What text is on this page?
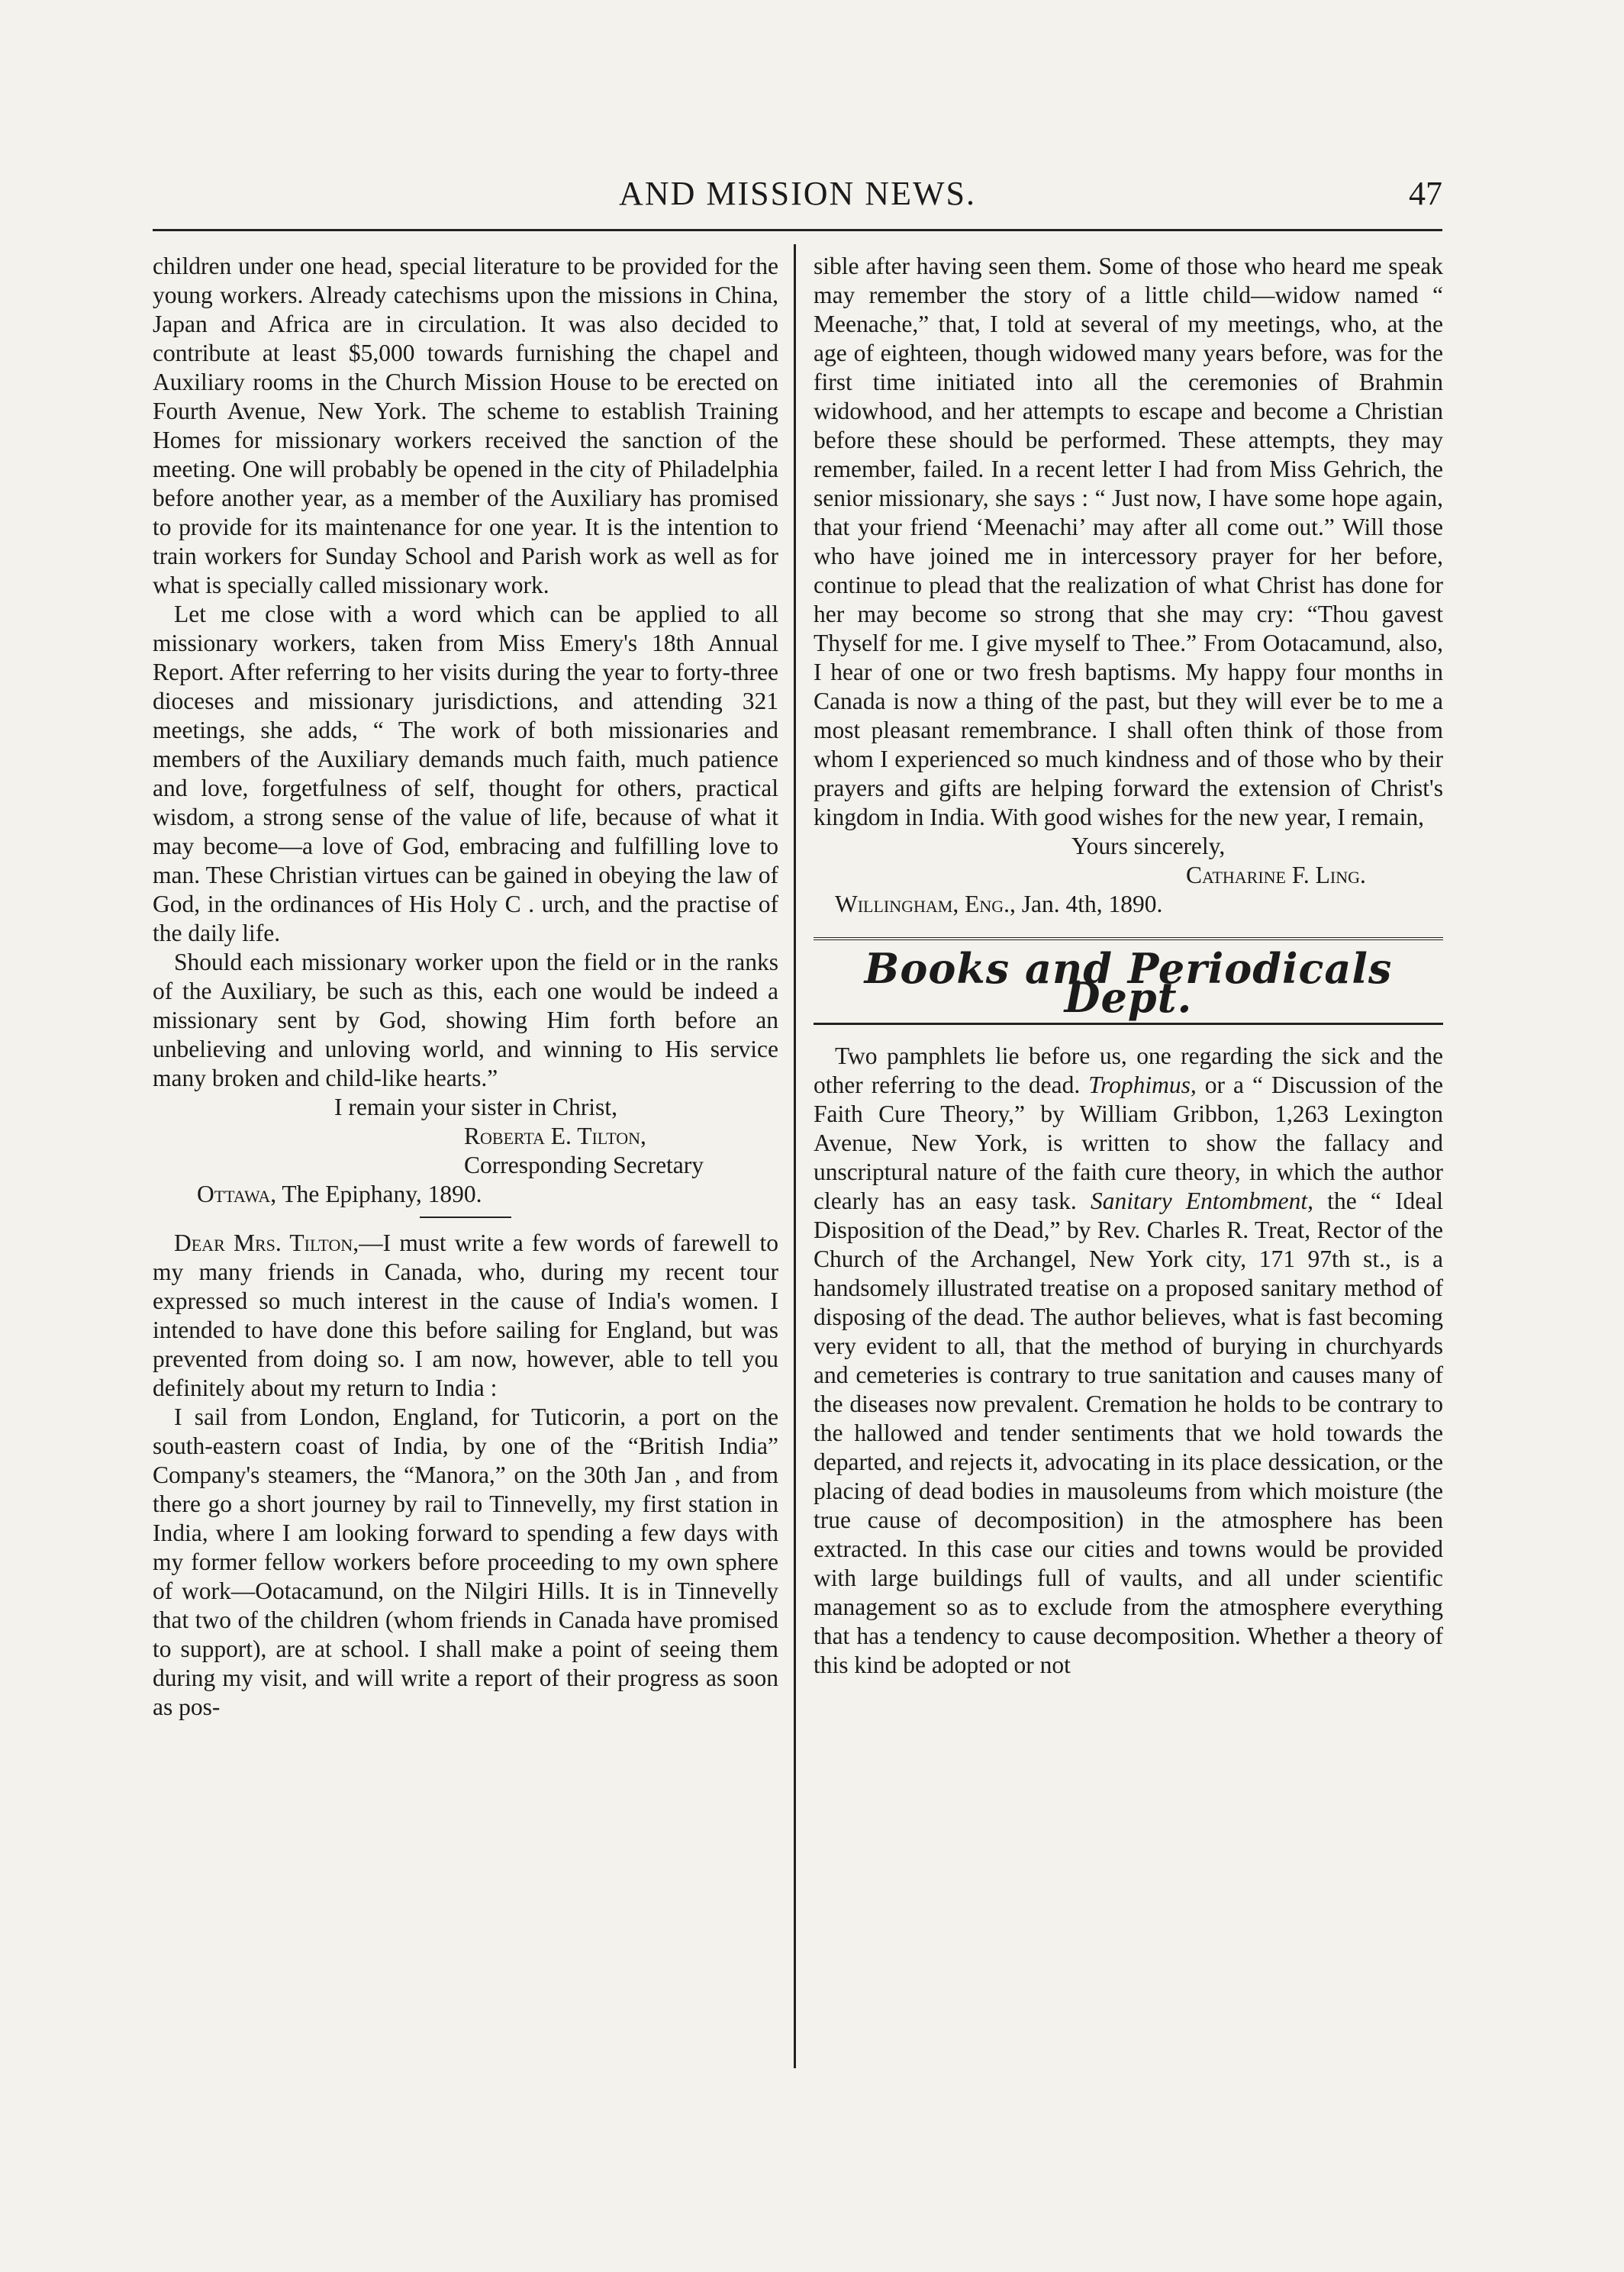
AND MISSION NEWS.	47

children under one head, special literature to be provided for the young workers. Already catechisms upon the missions in China, Japan and Africa are in circulation. It was also decided to contribute at least $5,000 towards furnishing the chapel and Auxiliary rooms in the Church Mission House to be erected on Fourth Avenue, New York. The scheme to establish Training Homes for missionary workers received the sanction of the meeting. One will probably be opened in the city of Philadelphia before another year, as a member of the Auxiliary has promised to provide for its maintenance for one year. It is the intention to train workers for Sunday School and Parish work as well as for what is specially called missionary work.

Let me close with a word which can be applied to all missionary workers, taken from Miss Emery's 18th Annual Report. After referring to her visits during the year to forty-three dioceses and missionary jurisdictions, and attending 321 meetings, she adds, “ The work of both missionaries and members of the Auxiliary demands much faith, much patience and love, forgetfulness of self, thought for others, practical wisdom, a strong sense of the value of life, because of what it may become—a love of God, embracing and fulfilling love to man. These Christian virtues can be gained in obeying the law of God, in the ordinances of His Holy C . urch, and the practise of the daily life.

Should each missionary worker upon the field or in the ranks of the Auxiliary, be such as this, each one would be indeed a missionary sent by God, showing Him forth before an unbelieving and unloving world, and winning to His service many broken and child-like hearts.”

I remain your sister in Christ,

Roberta E. Tilton,

Corresponding Secretary

Ottawa, The Epiphany, 1890.

Dear Mrs. Tilton,—I must write a few words of farewell to my many friends in Canada, who, during my recent tour expressed so much interest in the cause of India's women. I intended to have done this before sailing for England, but was prevented from doing so. I am now, however, able to tell you definitely about my return to India :

I sail from London, England, for Tuticorin, a port on the south-eastern coast of India, by one of the “British India” Company's steamers, the “Manora,” on the 30th Jan , and from there go a short journey by rail to Tinnevelly, my first station in India, where I am looking forward to spending a few days with my former fellow workers before proceeding to my own sphere of work—Ootacamund, on the Nilgiri Hills. It is in Tinnevelly that two of the children (whom friends in Canada have promised to support), are at school. I shall make a point of seeing them during my visit, and will write a report of their progress as soon as pos-

sible after having seen them. Some of those who heard me speak may remember the story of a little child—widow named “ Meenache,” that, I told at several of my meetings, who, at the age of eighteen, though widowed many years before, was for the first time initiated into all the ceremonies of Brahmin widowhood, and her attempts to escape and become a Christian before these should be performed. These attempts, they may remember, failed. In a recent letter I had from Miss Gehrich, the senior missionary, she says : “ Just now, I have some hope again, that your friend ‘Meenachi’ may after all come out.” Will those who have joined me in intercessory prayer for her before, continue to plead that the realization of what Christ has done for her may become so strong that she may cry: “Thou gavest Thyself for me. I give myself to Thee.” From Ootacamund, also, I hear of one or two fresh baptisms. My happy four months in Canada is now a thing of the past, but they will ever be to me a most pleasant remembrance. I shall often think of those from whom I experienced so much kindness and of those who by their prayers and gifts are helping forward the extension of Christ's kingdom in India. With good wishes for the new year, I remain,

Yours sincerely,

Catharine F. Ling.

Willingham, Eng., Jan. 4th, 1890.

Books and Periodicals Dept.

Two pamphlets lie before us, one regarding the sick and the other referring to the dead. Trophimus, or a “ Discussion of the Faith Cure Theory,” by William Gribbon, 1,263 Lexington Avenue, New York, is written to show the fallacy and unscriptural nature of the faith cure theory, in which the author clearly has an easy task. Sanitary Entombment, the “ Ideal Disposition of the Dead,” by Rev. Charles R. Treat, Rector of the Church of the Archangel, New York city, 171 97th st., is a handsomely illustrated treatise on a proposed sanitary method of disposing of the dead. The author believes, what is fast becoming very evident to all, that the method of burying in churchyards and cemeteries is contrary to true sanitation and causes many of the diseases now prevalent. Cremation he holds to be contrary to the hallowed and tender sentiments that we hold towards the departed, and rejects it, advocating in its place dessication, or the placing of dead bodies in mausoleums from which moisture (the true cause of decomposition) in the atmosphere has been extracted. In this case our cities and towns would be provided with large buildings full of vaults, and all under scientific management so as to exclude from the atmosphere everything that has a tendency to cause decomposition. Whether a theory of this kind be adopted or not
